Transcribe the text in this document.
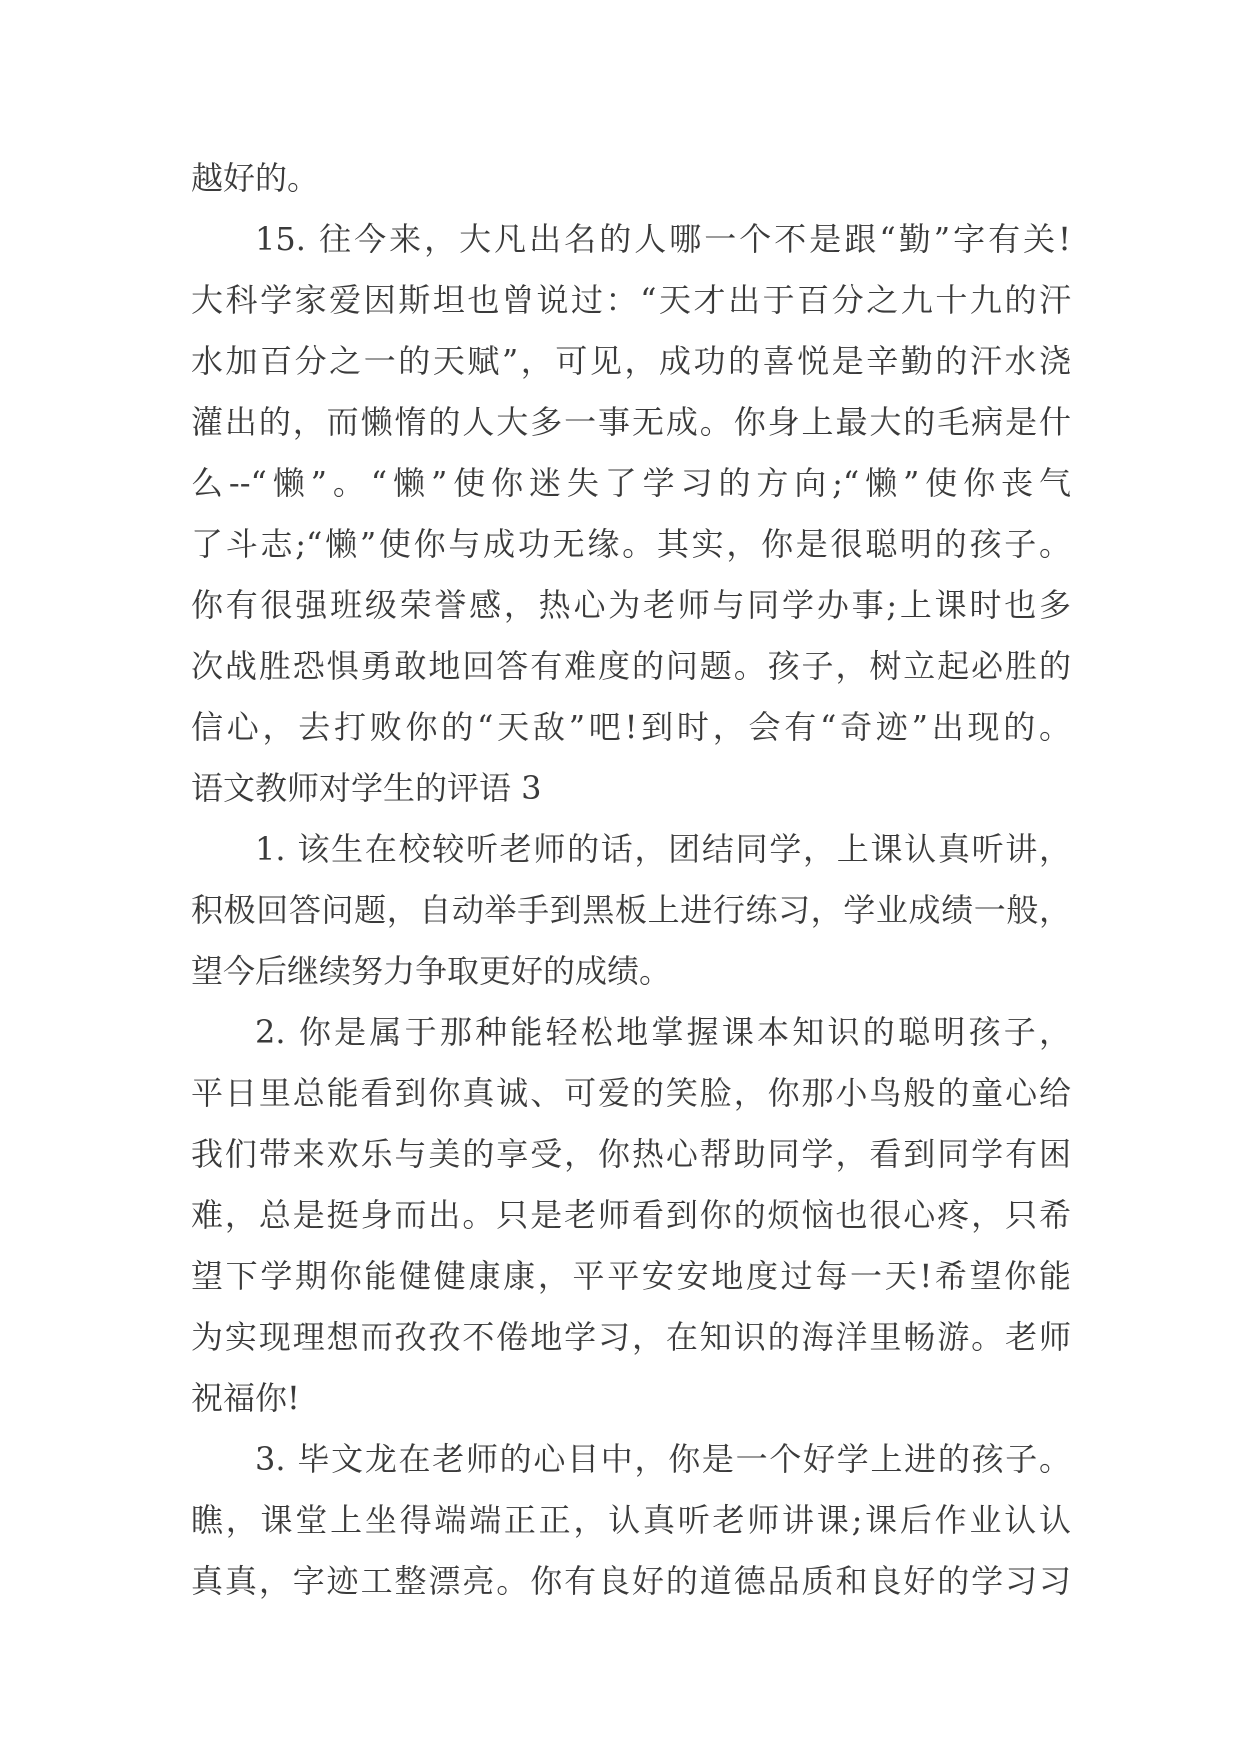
越好的。
15. 往今来，大凡出名的人哪一个不是跟“勤”字有关!
大科学家爱因斯坦也曾说过：“天才出于百分之九十九的汗
水加百分之一的天赋”，可见，成功的喜悦是辛勤的汗水浇
灌出的，而懒惰的人大多一事无成。你身上最大的毛病是什
么--“懒”。“懒”使你迷失了学习的方向;“懒”使你丧气
了斗志;“懒”使你与成功无缘。其实，你是很聪明的孩子。
你有很强班级荣誉感，热心为老师与同学办事;上课时也多
次战胜恐惧勇敢地回答有难度的问题。孩子，树立起必胜的
信心，去打败你的“天敌”吧!到时，会有“奇迹”出现的。
语文教师对学生的评语 3
1. 该生在校较听老师的话，团结同学，上课认真听讲，
积极回答问题，自动举手到黑板上进行练习，学业成绩一般，
望今后继续努力争取更好的成绩。
2. 你是属于那种能轻松地掌握课本知识的聪明孩子，
平日里总能看到你真诚、可爱的笑脸，你那小鸟般的童心给
我们带来欢乐与美的享受，你热心帮助同学，看到同学有困
难，总是挺身而出。只是老师看到你的烦恼也很心疼，只希
望下学期你能健健康康，平平安安地度过每一天!希望你能
为实现理想而孜孜不倦地学习，在知识的海洋里畅游。老师
祝福你!
3. 毕文龙在老师的心目中，你是一个好学上进的孩子。
瞧，课堂上坐得端端正正，认真听老师讲课;课后作业认认
真真，字迹工整漂亮。你有良好的道德品质和良好的学习习
